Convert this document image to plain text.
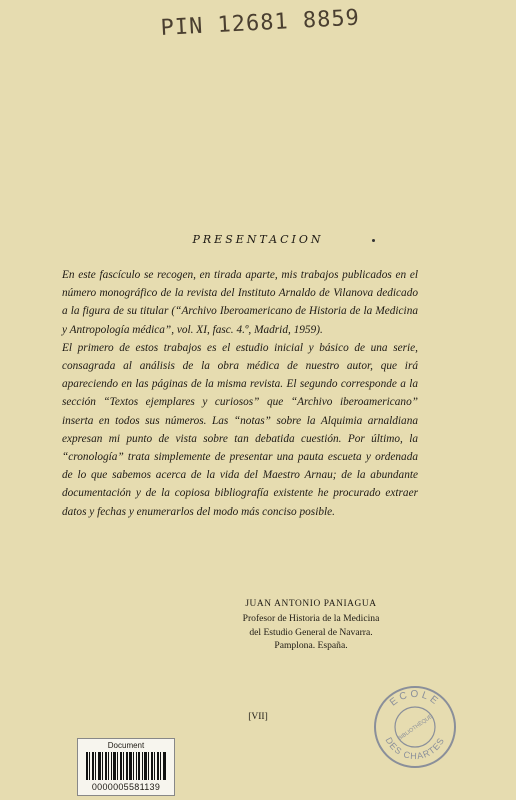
PIN 12681 8859
PRESENTACION

En este fascículo se recogen, en tirada aparte, mis trabajos publicados en el número monográfico de la revista del Instituto Arnaldo de Vilanova dedicado a la figura de su titular (“Archivo Iberoamericano de Historia de la Medicina y Antropología médica”, vol. XI, fasc. 4.º, Madrid, 1959).

El primero de estos trabajos es el estudio inicial y básico de una serie, consagrada al análisis de la obra médica de nuestro autor, que irá apareciendo en las páginas de la misma revista. El segundo corresponde a la sección “Textos ejemplares y curiosos” que “Archivo iberoamericano” inserta en todos sus números. Las “notas” sobre la Alquimia arnaldiana expresan mi punto de vista sobre tan debatida cuestión. Por último, la “cronología” trata simplemente de presentar una pauta escueta y ordenada de lo que sabemos acerca de la vida del Maestro Arnau; de la abundante documentación y de la copiosa bibliografía existente he procurado extraer datos y fechas y enumerarlos del modo más conciso posible.

JUAN ANTONIO PANIAGUA
Profesor de Historia de la Medicina
del Estudio General de Navarra.
Pamplona. España.
[VII]
ECOLE
DES CHARTES
BIBLIOTHÈQUE
Document
0000005581139
